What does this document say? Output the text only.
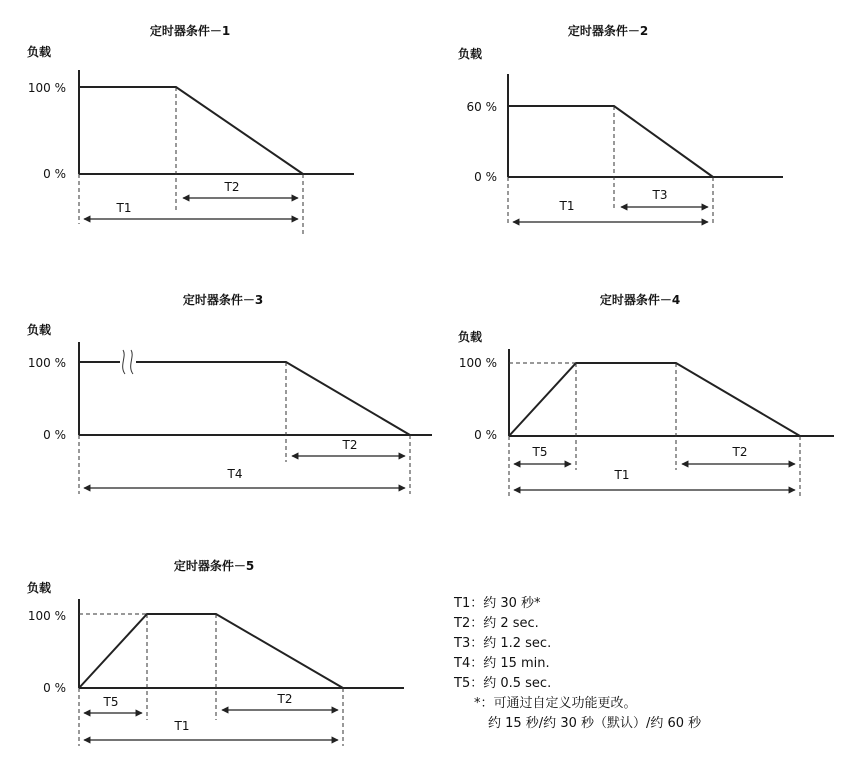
定时器条件－1
负载
100 %
0 %
T2
T1
定时器条件－2
负载
60 %
0 %
T3
T1
定时器条件－3
负载
100 %
0 %
T2
T4
定时器条件－4
负载
100 %
0 %
T5	T2
T1
定时器条件－5
负载
100 %
0 %
T5	T2
T1
T1：约 30 秒*
T2：约 2 sec.
T3：约 1.2 sec.
T4：约 15 min.
T5：约 0.5 sec.
*：可通过自定义功能更改。
约 15 秒/约 30 秒（默认）/约 60 秒
